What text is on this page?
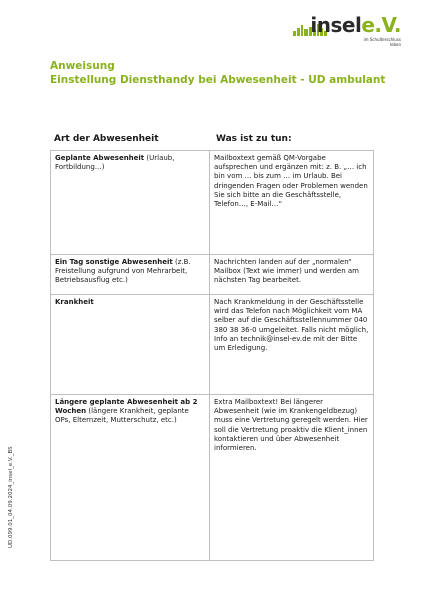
insele.V.
im Schulterschluss
leben
Anweisung
Einstellung Diensthandy bei Abwesenheit - UD ambulant
Art der Abwesenheit	Was ist zu tun:
Geplante Abwesenheit (Urlaub, Fortbildung…)	Mailboxtext gemäß QM-Vorgabe aufsprechen und ergänzen mit: z. B. „… ich bin vom … bis zum … im Urlaub. Bei dringenden Fragen oder Problemen wenden Sie sich bitte an die Geschäftsstelle, Telefon…, E-Mail…“
Ein Tag sonstige Abwesenheit (z.B. Freistellung aufgrund von Mehrarbeit, Betriebsausflug etc.)	Nachrichten landen auf der „normalen“ Mailbox (Text wie immer) und werden am nächsten Tag bearbeitet.
Krankheit	Nach Krankmeldung in der Geschäftsstelle wird das Telefon nach Möglichkeit vom MA selber auf die Geschäftsstellennummer 040 380 38 36-0 umgeleitet. Falls nicht möglich, Info an technik@insel-ev.de mit der Bitte um Erledigung.
Längere geplante Abwesenheit ab 2 Wochen (längere Krankheit, geplante OPs, Elternzeit, Mutterschutz, etc.)	Extra Mailboxtext! Bei längerer Abwesenheit (wie im Krankengeldbezug) muss eine Vertretung geregelt werden. Hier soll die Vertretung proaktiv die Klient_innen kontaktieren und über Abwesenheit informieren.
UD.099.01_04.09.2024_insel_e.V._BS
